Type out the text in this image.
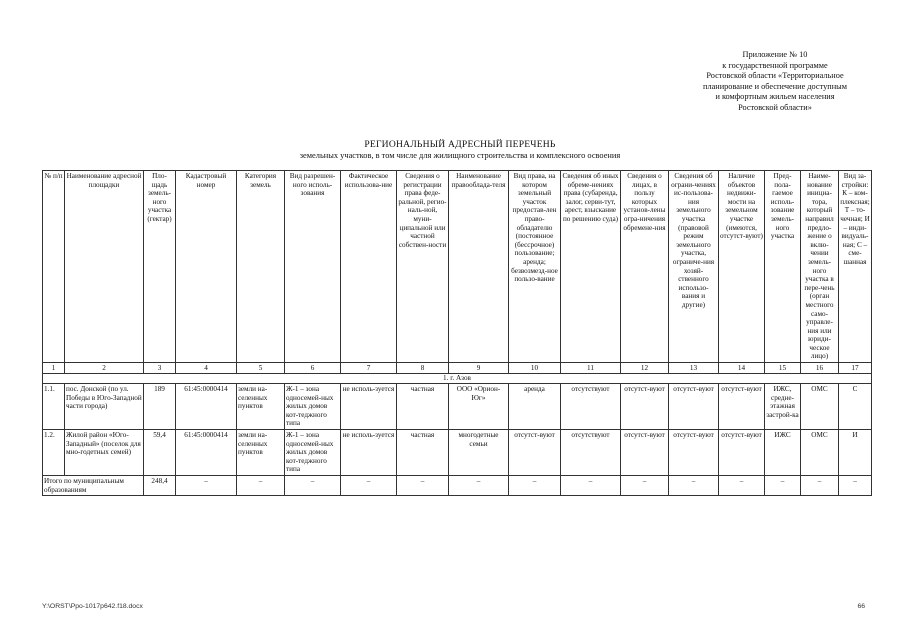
Приложение № 10
к государственной программе
Ростовской области «Территориальное
планирование и обеспечение доступным
и комфортным жильем населения
Ростовской области»
РЕГИОНАЛЬНЫЙ АДРЕСНЫЙ ПЕРЕЧЕНЬ
земельных участков, в том числе для жилищного строительства и комплексного освоения
№ п/п	Наименование адресной площадки	Пло-щадь земель-ного участка (гектар)	Кадастровый номер	Категория земель	Вид разрешен-ного исполь-зования	Фактическое использова-ние	Сведения о регистрации права феде-ральной, регио-наль-ной, муни-ципальной или частной собствен-ности	Наименование правооблада-теля	Вид права, на котором земельный участок предостав-лен право-обладателю (постоянное (бессрочное) пользование; аренда; безвозмезд-ное пользо-вание	Сведения об иных обреме-нениях права (субаренда, залог, серви-тут, арест, взыскание по решению суда)	Сведения о лицах, в пользу которых установ-лены огра-ничения обремене-ния	Сведения об ограни-чениях ис-пользова-ния земельного участка (правовой режим земельного участка, ограниче-ния хозяй-ственного использо-вания и другие)	Наличие объектов недвижи-мости на земельном участке (имеются, отсутст-вуют)	Пред-пола-гаемое исполь-зование земель-ного участка	Наиме-нование инициа-тора, который направил предло-жение о вклю-чении земель-ного участка в пере-чень (орган местного само-управле-ния или юриди-ческое лицо)	Вид за-стройки: К – ком-плексная; Т – то-чечная; И – инди-видуаль-ная; С – сме-шанная
1	2	3	4	5	6	7	8	9	10	11	12	13	14	15	16	17
1. г. Азов																
1.1.	пос. Донской (по ул. Победы в Юго-Западной части города)	189	61:45:0000414	земли на-селенных пунктов	Ж-1 – зона односемей-ных жилых домов кот-теджного типа	не исполь-зуется	частная	ООО «Орион-Юг»	аренда	отсутствуют	отсутст-вуют	отсутст-вуют	отсутст-вуют	ИЖС, средне-этажная застрой-ка	ОМС	С
1.2.	Жилой район «Юго-Западный» (поселок для мно-годетных семей)	59,4	61:45:0000414	земли на-селенных пунктов	Ж-1 – зона односемей-ных жилых домов кот-теджного типа	не исполь-зуется	частная	многодетные семьи	отсутст-вуют	отсутствуют	отсутст-вуют	отсутст-вуют	отсутст-вуют	ИЖС	ОМС	И
Итого по муниципальным образованиям		248,4	–	–	–	–	–	–	–	–	–	–	–	–	–	–
Y:\ORST\Ppo-1017p642.f18.docx	66
